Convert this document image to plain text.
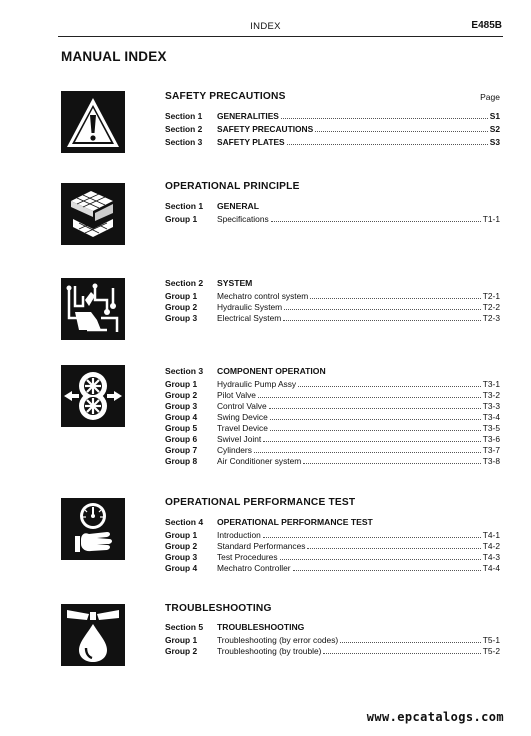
INDEX	E485B
MANUAL INDEX
SAFETY PRECAUTIONS	Page
Section 1	GENERALITIES	S1
Section 2	SAFETY PRECAUTIONS	S2
Section 3	SAFETY PLATES	S3
OPERATIONAL PRINCIPLE
Section 1 GENERAL
Group 1	Specifications	T1-1
Section 2 SYSTEM
Group 1	Mechatro control system	T2-1
Group 2	Hydraulic System	T2-2
Group 3	Electrical System	T2-3
Section 3 COMPONENT OPERATION
Group 1	Hydraulic Pump Assy	T3-1
Group 2	Pilot Valve	T3-2
Group 3	Control Valve	T3-3
Group 4	Swing Device	T3-4
Group 5	Travel Device	T3-5
Group 6	Swivel Joint	T3-6
Group 7	Cylinders	T3-7
Group 8	Air Conditioner system	T3-8
OPERATIONAL PERFORMANCE TEST
Section 4 OPERATIONAL PERFORMANCE TEST
Group 1	Introduction	T4-1
Group 2	Standard Performances	T4-2
Group 3	Test Procedures	T4-3
Group 4	Mechatro Controller	T4-4
TROUBLESHOOTING
Section 5 TROUBLESHOOTING
Group 1	Troubleshooting (by error codes)	T5-1
Group 2	Troubleshooting (by trouble)	T5-2
www.epcatalogs.com
